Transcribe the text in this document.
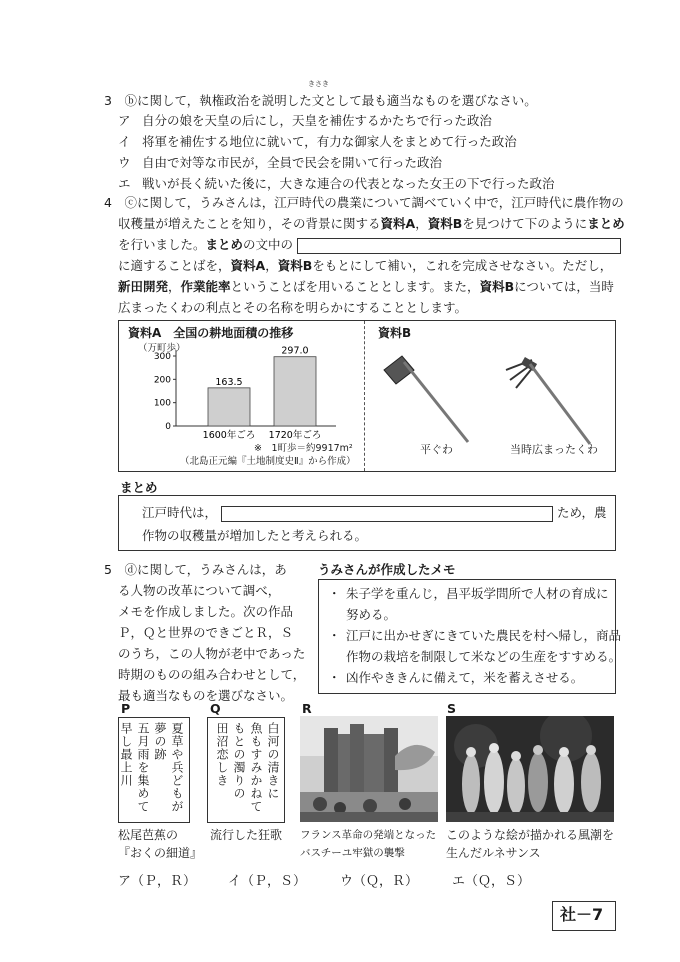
3　ⓑに関して，執権政治を説明した文として最も適当なものを選びなさい。
きさき
ア 自分の娘を天皇の后にし，天皇を補佐するかたちで行った政治
イ 将軍を補佐する地位に就いて，有力な御家人をまとめて行った政治
ウ 自由で対等な市民が，全員で民会を開いて行った政治
エ 戦いが長く続いた後に，大きな連合の代表となった女王の下で行った政治
4　ⓒに関して，うみさんは，江戸時代の農業について調べていく中で，江戸時代に農作物の
収穫量が増えたことを知り，その背景に関する資料A，資料Bを見つけて下のようにまとめ
を行いました。まとめの文中の
に適することばを，資料A，資料Bをもとにして補い，これを完成させなさい。ただし，
新田開発，作業能率ということばを用いることとします。また，資料Bについては，当時
広まったくわの利点とその名称を明らかにすることとします。
資料A　全国の耕地面積の推移
（万町歩）
0
100
200
300
163.5
1600年ごろ
297.0
1720年ごろ
※　1町歩＝約9917m²
（北島正元編『土地制度史Ⅱ』から作成）
資料B
平ぐわ	当時広まったくわ
まとめ
江戸時代は，	ため，農
作物の収穫量が増加したと考えられる。
5　ⓓに関して，うみさんは，あ
る人物の改革について調べ，
メモを作成しました。次の作品
Ｐ，Ｑと世界のできごとＲ，Ｓ
のうち，この人物が老中であった
時期のものの組み合わせとして，
最も適当なものを選びなさい。
うみさんが作成したメモ
・ 朱子学を重んじ，昌平坂学問所で人材の育成に
努める。
・ 江戸に出かせぎにきていた農民を村へ帰し，商品
作物の栽培を制限して米などの生産をすすめる。
・ 凶作やききんに備えて，米を蓄えさせる。
P	Q	R	S
夏草や兵どもが
夢の跡
五月雨を集めて
早し最上川	白河の清きに
魚もすみかねて
もとの濁りの
田沼恋しき
松尾芭蕉の
『おくの細道』
流行した狂歌 フランス革命の発端となった
バスチーユ牢獄の襲撃
このような絵が描かれる風潮を
生んだルネサンス
ア（Ｐ，Ｒ） イ（Ｐ，Ｓ）	ウ（Ｑ，Ｒ）	エ（Ｑ，Ｓ）
社－7
